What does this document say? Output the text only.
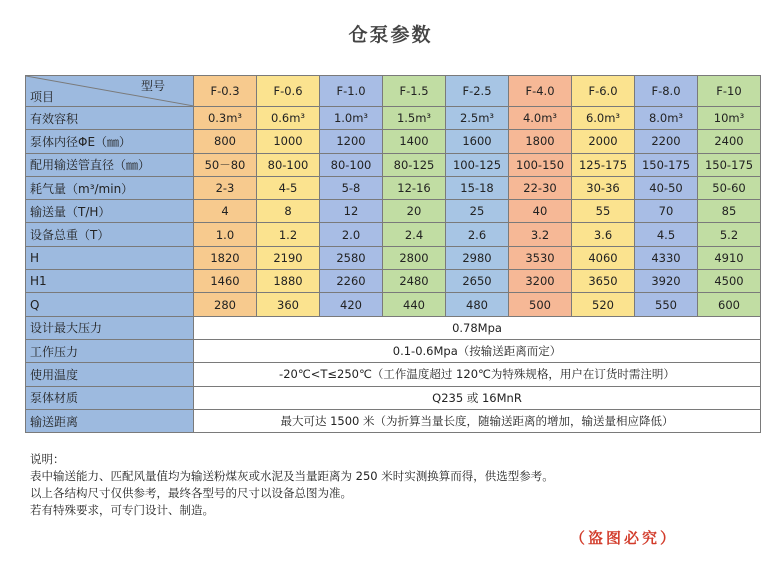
仓泵参数
型号
项目	F-0.3	F-0.6	F-1.0	F-1.5	F-2.5	F-4.0	F-6.0	F-8.0	F-10
有效容积	0.3m³	0.6m³	1.0m³	1.5m³	2.5m³	4.0m³	6.0m³	8.0m³	10m³
泵体内径ΦE（㎜）	800	1000	1200	1400	1600	1800	2000	2200	2400
配用输送管直径（㎜）	50－80	80-100	80-100	80-125	100-125	100-150	125-175	150-175	150-175
耗气量（m³/min）	2-3	4-5	5-8	12-16	15-18	22-30	30-36	40-50	50-60
输送量（T/H）	4	8	12	20	25	40	55	70	85
设备总重（T）	1.0	1.2	2.0	2.4	2.6	3.2	3.6	4.5	5.2
H	1820	2190	2580	2800	2980	3530	4060	4330	4910
H1	1460	1880	2260	2480	2650	3200	3650	3920	4500
Q	280	360	420	440	480	500	520	550	600
设计最大压力	0.78Mpa								
工作压力	0.1-0.6Mpa（按输送距离而定）								
使用温度	-20℃<T≤250℃（工作温度超过 120℃为特殊规格，用户在订货时需注明）								
泵体材质	Q235 或 16MnR								
输送距离	最大可达 1500 米（为折算当量长度，随输送距离的增加，输送量相应降低）								
说明：
表中输送能力、匹配风量值均为输送粉煤灰或水泥及当量距离为 250 米时实测换算而得，供选型参考。
以上各结构尺寸仅供参考，最终各型号的尺寸以设备总图为准。
若有特殊要求，可专门设计、制造。
（盗图必究）
